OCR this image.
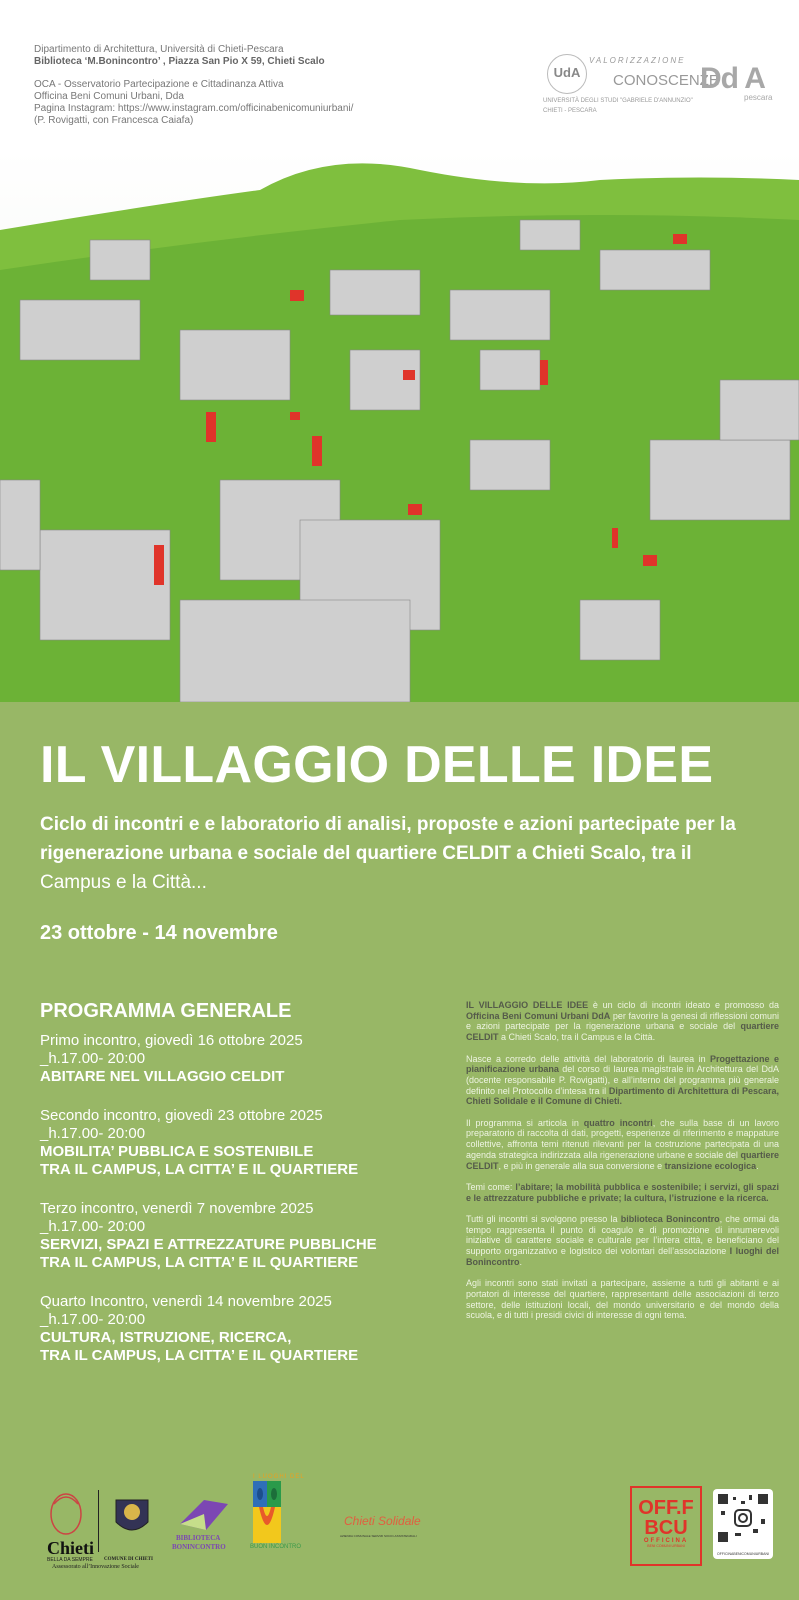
Dipartimento di Architettura, Università di Chieti-Pescara
Biblioteca ‘M.Bonincontro’ , Piazza San Pio X 59, Chieti Scalo
OCA - Osservatorio Partecipazione e Cittadinanza Attiva
Officina Beni Comuni Urbani, Dda
Pagina Instagram: https://www.instagram.com/officinabenicomuniurbani/
(P. Rovigatti, con Francesca Caiafa)
UdA
VALORIZZAZIONE
CONOSCENZE
UNIVERSITÀ DEGLI STUDI "GABRIELE D'ANNUNZIO"
CHIETI - PESCARA
Dd A
pescara
IL VILLAGGIO DELLE IDEE
Ciclo di incontri e e laboratorio di analisi, proposte e azioni partecipate per la rigenerazione urbana e sociale del quartiere CELDIT a Chieti Scalo, tra il Campus e la Città...
23 ottobre - 14 novembre
PROGRAMMA GENERALE
Primo incontro, giovedì 16 ottobre 2025
_h.17.00- 20:00
ABITARE NEL VILLAGGIO CELDIT
Secondo incontro, giovedì 23 ottobre 2025
_h.17.00- 20:00
MOBILITA’ PUBBLICA E SOSTENIBILE
TRA IL CAMPUS, LA CITTA’ E IL QUARTIERE
Terzo incontro, venerdì 7 novembre 2025
_h.17.00- 20:00
SERVIZI, SPAZI E ATTREZZATURE PUBBLICHE
TRA IL CAMPUS, LA CITTA’ E IL QUARTIERE
Quarto Incontro, venerdì 14 novembre 2025
_h.17.00- 20:00
CULTURA, ISTRUZIONE, RICERCA,
TRA IL CAMPUS, LA CITTA’ E IL QUARTIERE

IL VILLAGGIO DELLE IDEE è un ciclo di incontri ideato e promosso da Officina Beni Comuni Urbani DdA per favorire la genesi di riflessioni comuni e azioni partecipate per la rigenerazione urbana e sociale del quartiere CELDIT a Chieti Scalo, tra il Campus e la Città.

Nasce a corredo delle attività del laboratorio di laurea in Progettazione e pianificazione urbana del corso di laurea magistrale in Architettura del DdA (docente responsabile P. Rovigatti), e all’interno del programma più generale definito nel Protocollo d’intesa tra il Dipartimento di Architettura di Pescara, Chieti Solidale e il Comune di Chieti.

Il programma si articola in quattro incontri, che sulla base di un lavoro preparatorio di raccolta di dati, progetti, esperienze di riferimento e mappature collettive, affronta temi ritenuti rilevanti per la costruzione partecipata di una agenda strategica indirizzata alla rigenerazione urbane e sociale del quartiere CELDIT, e più in generale alla sua conversione e transizione ecologica.

Temi come: l’abitare; la mobilità pubblica e sostenibile; i servizi, gli spazi e le attrezzature pubbliche e private; la cultura, l’istruzione e la ricerca.

Tutti gli incontri si svolgono presso la biblioteca Bonincontro, che ormai da tempo rappresenta il punto di coagulo e di promozione di innumerevoli iniziative di carattere sociale e culturale per l’intera città, e beneficiano del supporto organizzativo e logistico dei volontari dell’associazione I luoghi del Bonincontro.

Agli incontri sono stati invitati a partecipare, assieme a tutti gli abitanti e ai portatori di interesse del quartiere, rappresentanti delle associazioni di terzo settore, delle istituzioni locali, del mondo universitario e del mondo della scuola, e di tutti i presidi civici di interesse di ogni tema.

Chieti
BELLA DA SEMPRE COMUNE DI CHIETI
Assessorato all’Innovazione Sociale
BIBLIOTECA
BONINCONTRO
I LUOGHI DEL
BUON INCONTRO
Chieti Solidale
AZIENDA COMUNALE SERVIZI SOCIO-ASSISTENZIALI
OFF.F
BCU
OFFICINA
BENI COMUNI URBANI
OFFICINABENICOMUNIURBANI
